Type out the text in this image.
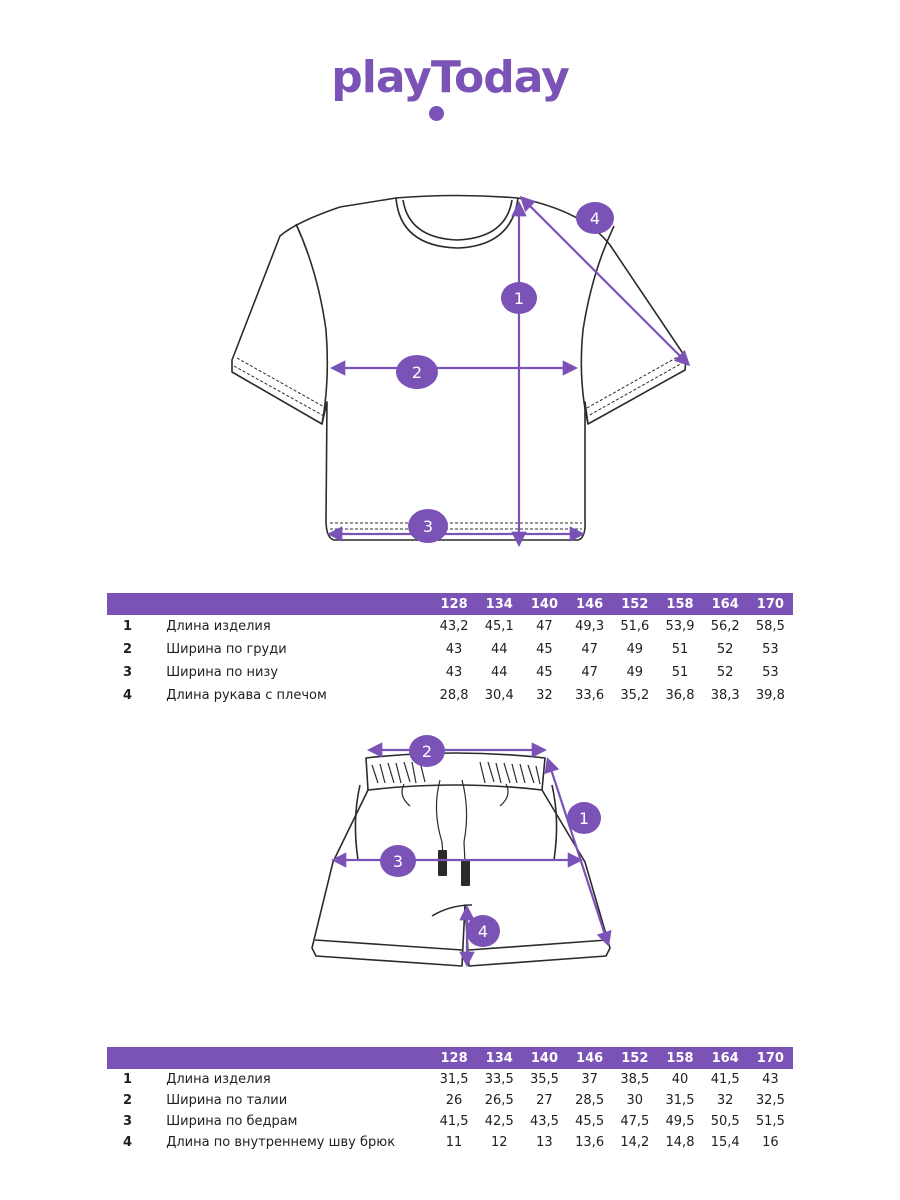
playToday
1
2
3
4
128	134	140	146	152	158	164	170
1	Длина изделия	43,2	45,1	47	49,3	51,6	53,9	56,2	58,5
2	Ширина по груди	43	44	45	47	49	51	52	53
3	Ширина по низу	43	44	45	47	49	51	52	53
4	Длина рукава с плечом	28,8	30,4	32	33,6	35,2	36,8	38,3	39,8
1
2
3
4
128	134	140	146	152	158	164	170
1	Длина изделия	31,5	33,5	35,5	37	38,5	40	41,5	43
2	Ширина по талии	26	26,5	27	28,5	30	31,5	32	32,5
3	Ширина по бедрам	41,5	42,5	43,5	45,5	47,5	49,5	50,5	51,5
4	Длина по внутреннему шву брюк	11	12	13	13,6	14,2	14,8	15,4	16
